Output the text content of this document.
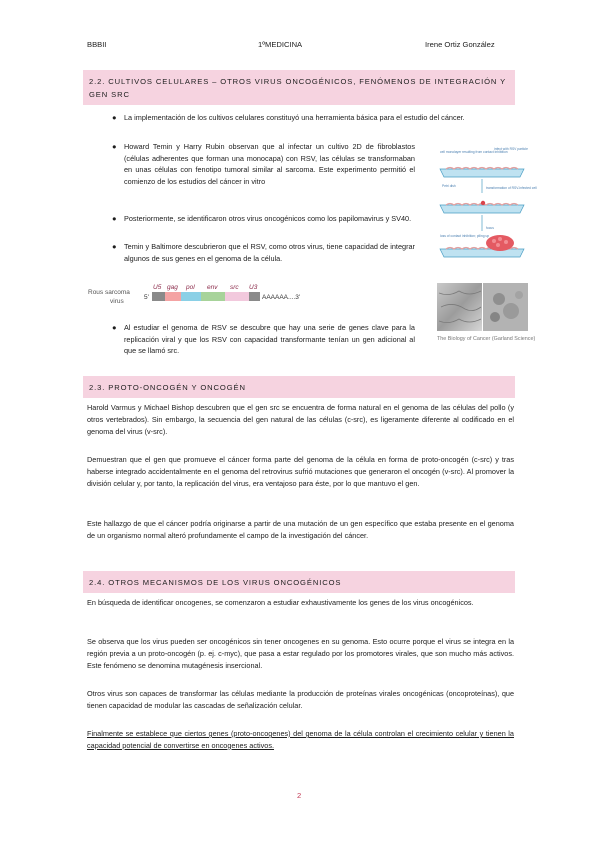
BBBII	1ºMEDICINA	Irene Ortiz González
2.2. CULTIVOS CELULARES – OTROS VIRUS ONCOGÉNICOS, FENÓMENOS DE INTEGRACIÓN Y GEN SRC
●	La implementación de los cultivos celulares constituyó una herramienta básica para el estudio del cáncer.
●	Howard Temin y Harry Rubin observan que al infectar un cultivo 2D de fibroblastos (células adherentes que forman una monocapa) con RSV, las células se transformaban en unas células con fenotipo tumoral similar al sarcoma. Este experimento permitió el comienzo de los estudios del cáncer in vitro
●	Posteriormente, se identificaron otros virus oncogénicos como los papilomavirus y SV40.
●	Temin y Baltimore descubrieron que el RSV, como otros virus, tiene capacidad de integrar algunos de sus genes en el genoma de la célula.
Rous sarcoma
virus
5'
U5 gag pol env src U3
AAAAAA....3'
●	Al estudiar el genoma de RSV se descubre que hay una serie de genes clave para la replicación viral y que los RSV con capacidad transformante tenían un gen adicional al que se llamó src.
cell monolayer resulting from contact inhibition
infect with RSV particle
Petri dish	transformation of RSV-infected cell
focus
loss of contact inhibition; piling up
The Biology of Cancer (Garland Science)
2.3. PROTO-ONCOGÉN Y ONCOGÉN
Harold Varmus y Michael Bishop descubren que el gen src se encuentra de forma natural en el genoma de las células del pollo (y otros vertebrados). Sin embargo, la secuencia del gen natural de las células (c-src), es ligeramente diferente al codificado en el genoma del virus (v-src).
Demuestran que el gen que promueve el cáncer forma parte del genoma de la célula en forma de proto-oncogén (c-src) y tras haberse integrado accidentalmente en el genoma del retrovirus sufrió mutaciones que generaron el oncogén (v-src). Al promover la división celular y, por tanto, la replicación del virus, era ventajoso para éste, por lo que mantuvo el gen.
Este hallazgo de que el cáncer podría originarse a partir de una mutación de un gen específico que estaba presente en el genoma de un organismo normal alteró profundamente el campo de la investigación del cáncer.
2.4. OTROS MECANISMOS DE LOS VIRUS ONCOGÉNICOS
En búsqueda de identificar oncogenes, se comenzaron a estudiar exhaustivamente los genes de los virus oncogénicos.
Se observa que los virus pueden ser oncogénicos sin tener oncogenes en su genoma. Esto ocurre porque el virus se integra en la región previa a un proto-oncogén (p. ej. c-myc), que pasa a estar regulado por los promotores virales, que son mucho más activos. Este fenómeno se denomina mutagénesis insercional.
Otros virus son capaces de transformar las células mediante la producción de proteínas virales oncogénicas (oncoproteínas), que tienen capacidad de modular las cascadas de señalización celular.
Finalmente se establece que ciertos genes (proto-oncogenes) del genoma de la célula controlan el crecimiento celular y tienen la capacidad potencial de convertirse en oncogenes activos.
2
